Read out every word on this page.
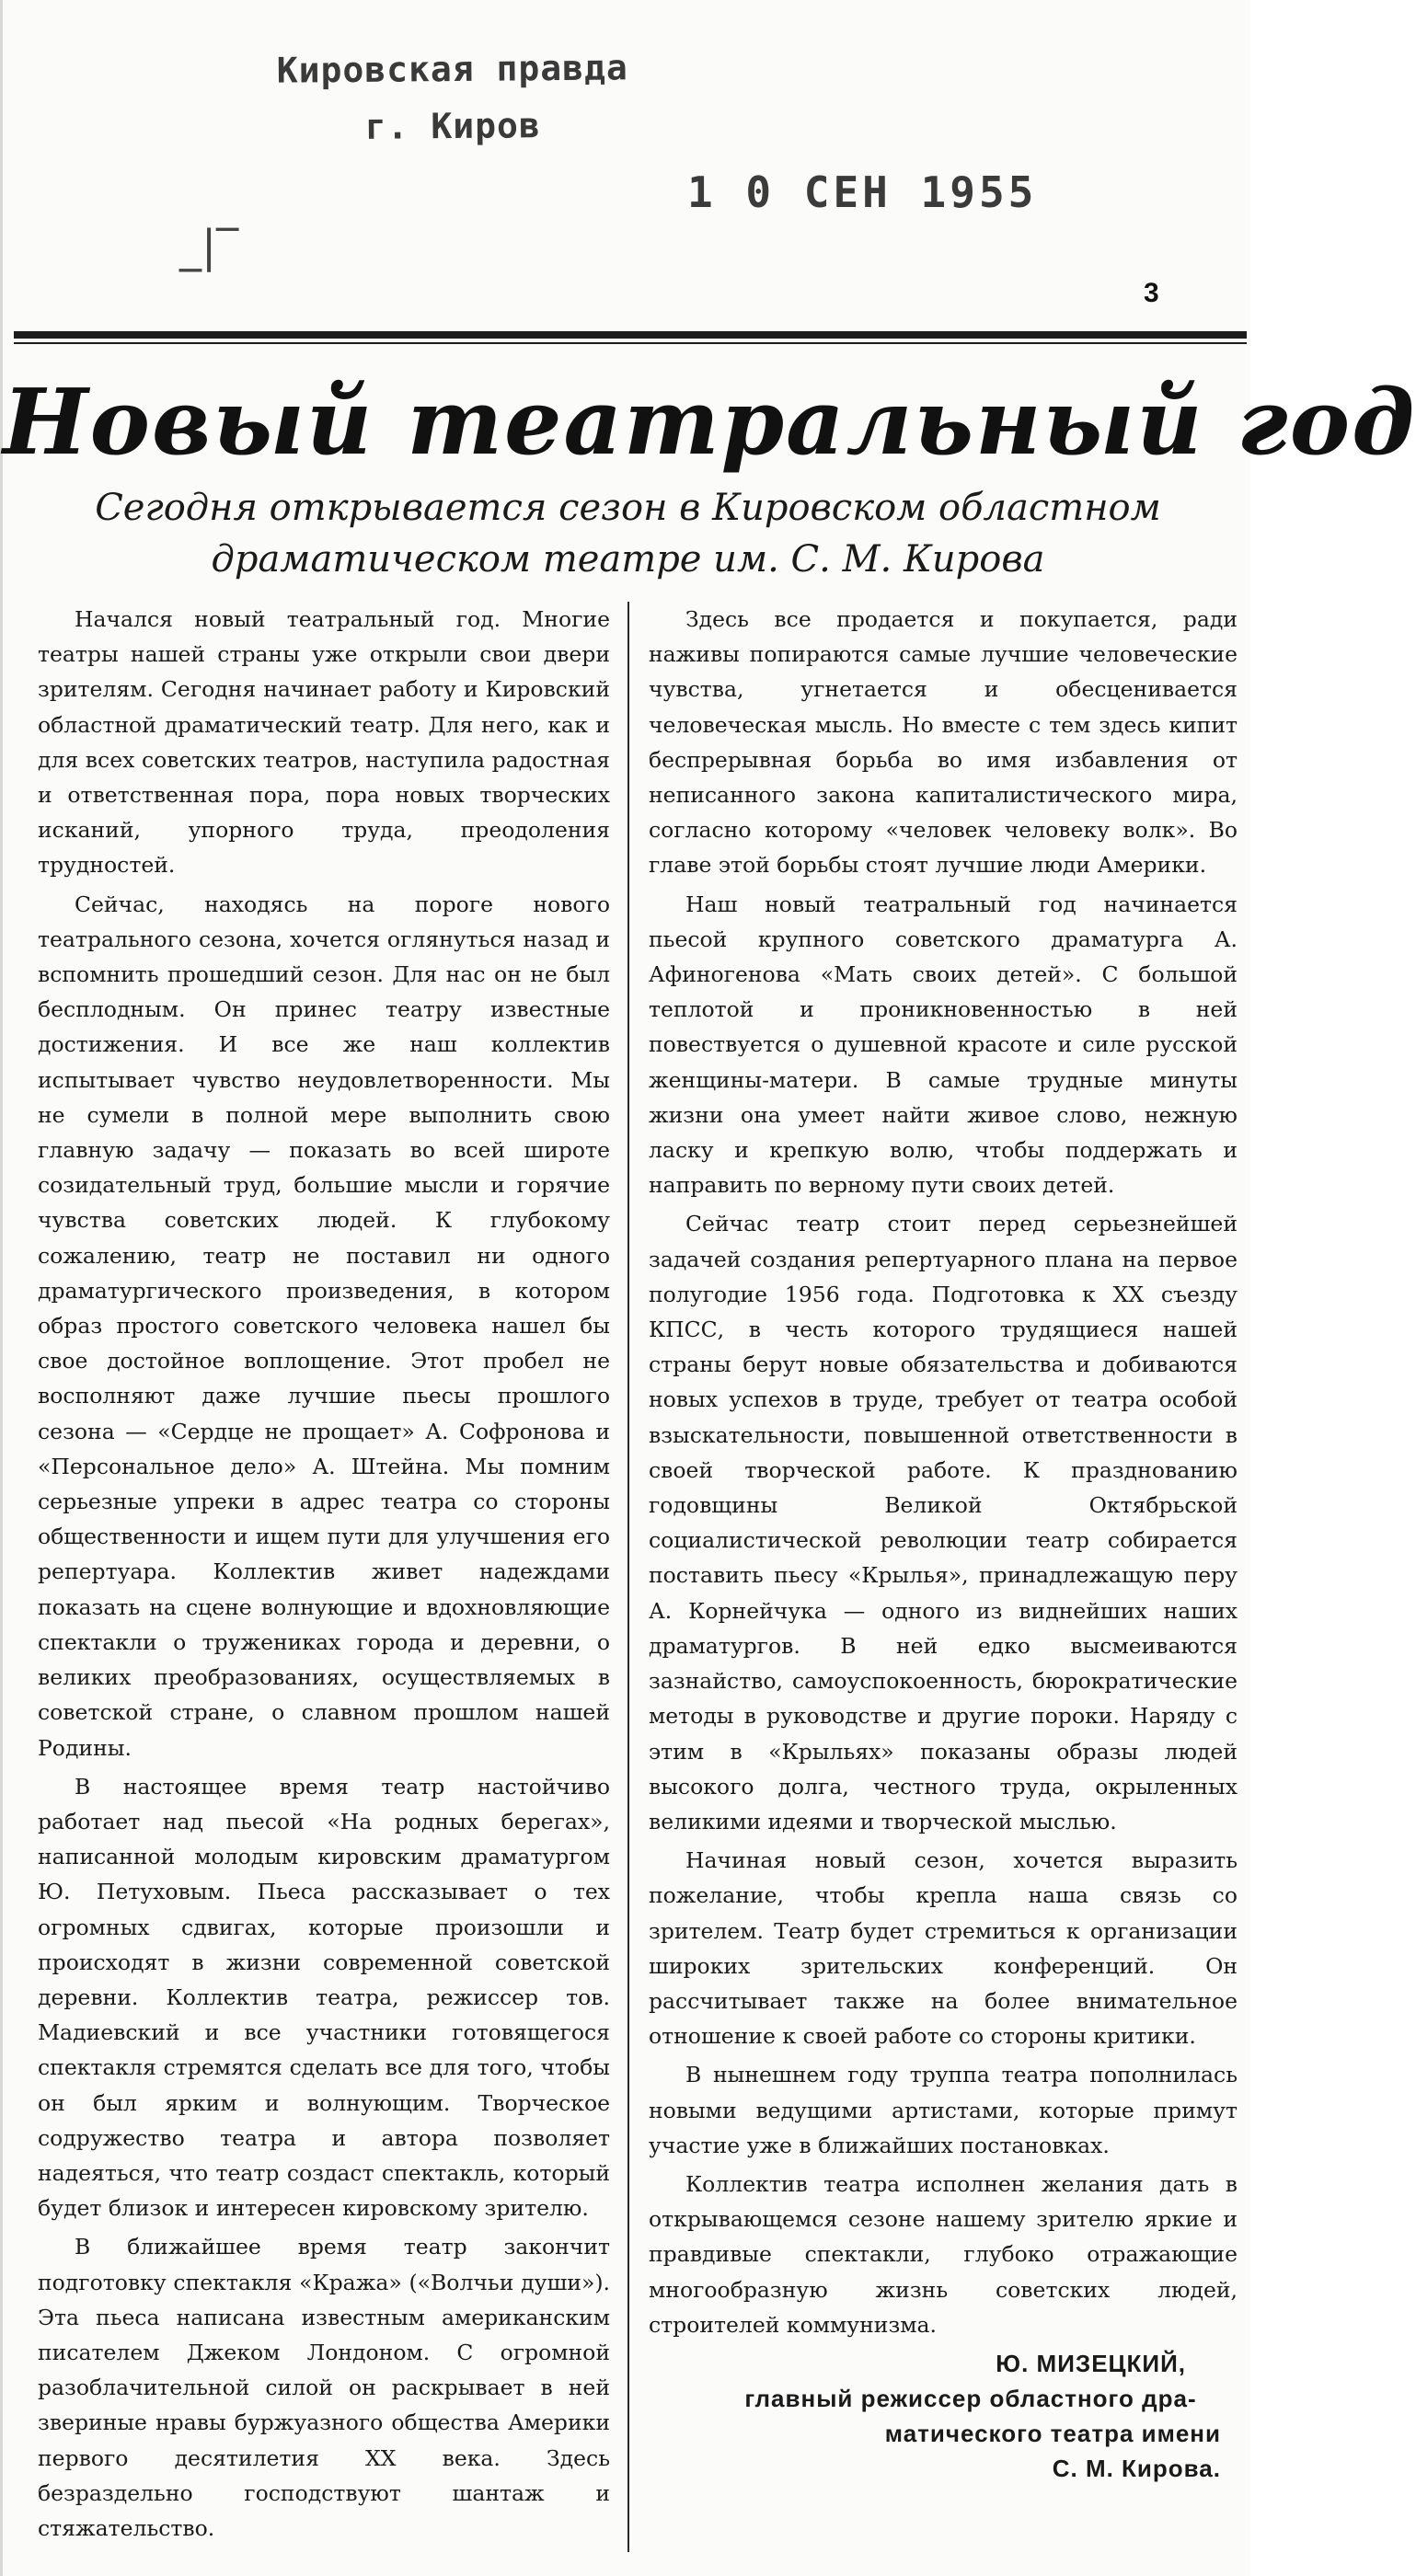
Кировская правда
г. Киров
1 0 СЕН 1955
_|‾
3
Новый театральный год
Сегодня открывается сезон в Кировском областном
драматическом театре им. С. М. Кирова

Начался новый театральный год. Многие театры нашей страны уже открыли свои двери зрителям. Сегодня начинает работу и Кировский областной драматический театр. Для него, как и для всех советских театров, наступила радостная и ответственная пора, пора новых творческих исканий, упорного труда, преодоления трудностей.

Сейчас, находясь на пороге нового театрального сезона, хочется оглянуться назад и вспомнить прошедший сезон. Для нас он не был бесплодным. Он принес театру известные достижения. И все же наш коллектив испытывает чувство неудовлетворенности. Мы не сумели в полной мере выполнить свою главную задачу — показать во всей широте созидательный труд, большие мысли и горячие чувства советских людей. К глубокому сожалению, театр не поставил ни одного драматургического произведения, в котором образ простого советского человека нашел бы свое достойное воплощение. Этот пробел не восполняют даже лучшие пьесы прошлого сезона — «Сердце не прощает» А. Софронова и «Персональное дело» А. Штейна. Мы помним серьезные упреки в адрес театра со стороны общественности и ищем пути для улучшения его репертуара. Коллектив живет надеждами показать на сцене волнующие и вдохновляющие спектакли о тружениках города и деревни, о великих преобразованиях, осуществляемых в советской стране, о славном прошлом нашей Родины.

В настоящее время театр настойчиво работает над пьесой «На родных берегах», написанной молодым кировским драматургом Ю. Петуховым. Пьеса рассказывает о тех огромных сдвигах, которые произошли и происходят в жизни современной советской деревни. Коллектив театра, режиссер тов. Мадиевский и все участники готовящегося спектакля стремятся сделать все для того, чтобы он был ярким и волнующим. Творческое содружество театра и автора позволяет надеяться, что театр создаст спектакль, который будет близок и интересен кировскому зрителю.

В ближайшее время театр закончит подготовку спектакля «Кража» («Волчьи души»). Эта пьеса написана известным американским писателем Джеком Лондоном. С огромной разоблачительной силой он раскрывает в ней звериные нравы буржуазного общества Америки первого десятилетия XX века. Здесь безраздельно господствуют шантаж и стяжательство.

Здесь все продается и покупается, ради наживы попираются самые лучшие человеческие чувства, угнетается и обесценивается человеческая мысль. Но вместе с тем здесь кипит беспрерывная борьба во имя избавления от неписанного закона капиталистического мира, согласно которому «человек человеку волк». Во главе этой борьбы стоят лучшие люди Америки.

Наш новый театральный год начинается пьесой крупного советского драматурга А. Афиногенова «Мать своих детей». С большой теплотой и проникновенностью в ней повествуется о душевной красоте и силе русской женщины-матери. В самые трудные минуты жизни она умеет найти живое слово, нежную ласку и крепкую волю, чтобы поддержать и направить по верному пути своих детей.

Сейчас театр стоит перед серьезнейшей задачей создания репертуарного плана на первое полугодие 1956 года. Подготовка к XX съезду КПСС, в честь которого трудящиеся нашей страны берут новые обязательства и добиваются новых успехов в труде, требует от театра особой взыскательности, повышенной ответственности в своей творческой работе. К празднованию годовщины Великой Октябрьской социалистической революции театр собирается поставить пьесу «Крылья», принадлежащую перу А. Корнейчука — одного из виднейших наших драматургов. В ней едко высмеиваются зазнайство, самоуспокоенность, бюрократические методы в руководстве и другие пороки. Наряду с этим в «Крыльях» показаны образы людей высокого долга, честного труда, окрыленных великими идеями и творческой мыслью.

Начиная новый сезон, хочется выразить пожелание, чтобы крепла наша связь со зрителем. Театр будет стремиться к организации широких зрительских конференций. Он рассчитывает также на более внимательное отношение к своей работе со стороны критики.

В нынешнем году труппа театра пополнилась новыми ведущими артистами, которые примут участие уже в ближайших постановках.

Коллектив театра исполнен желания дать в открывающемся сезоне нашему зрителю яркие и правдивые спектакли, глубоко отражающие многообразную жизнь советских людей, строителей коммунизма.

Ю. МИЗЕЦКИЙ,
главный режиссер областного дра-
матического театра имени
С. М. Кирова.
